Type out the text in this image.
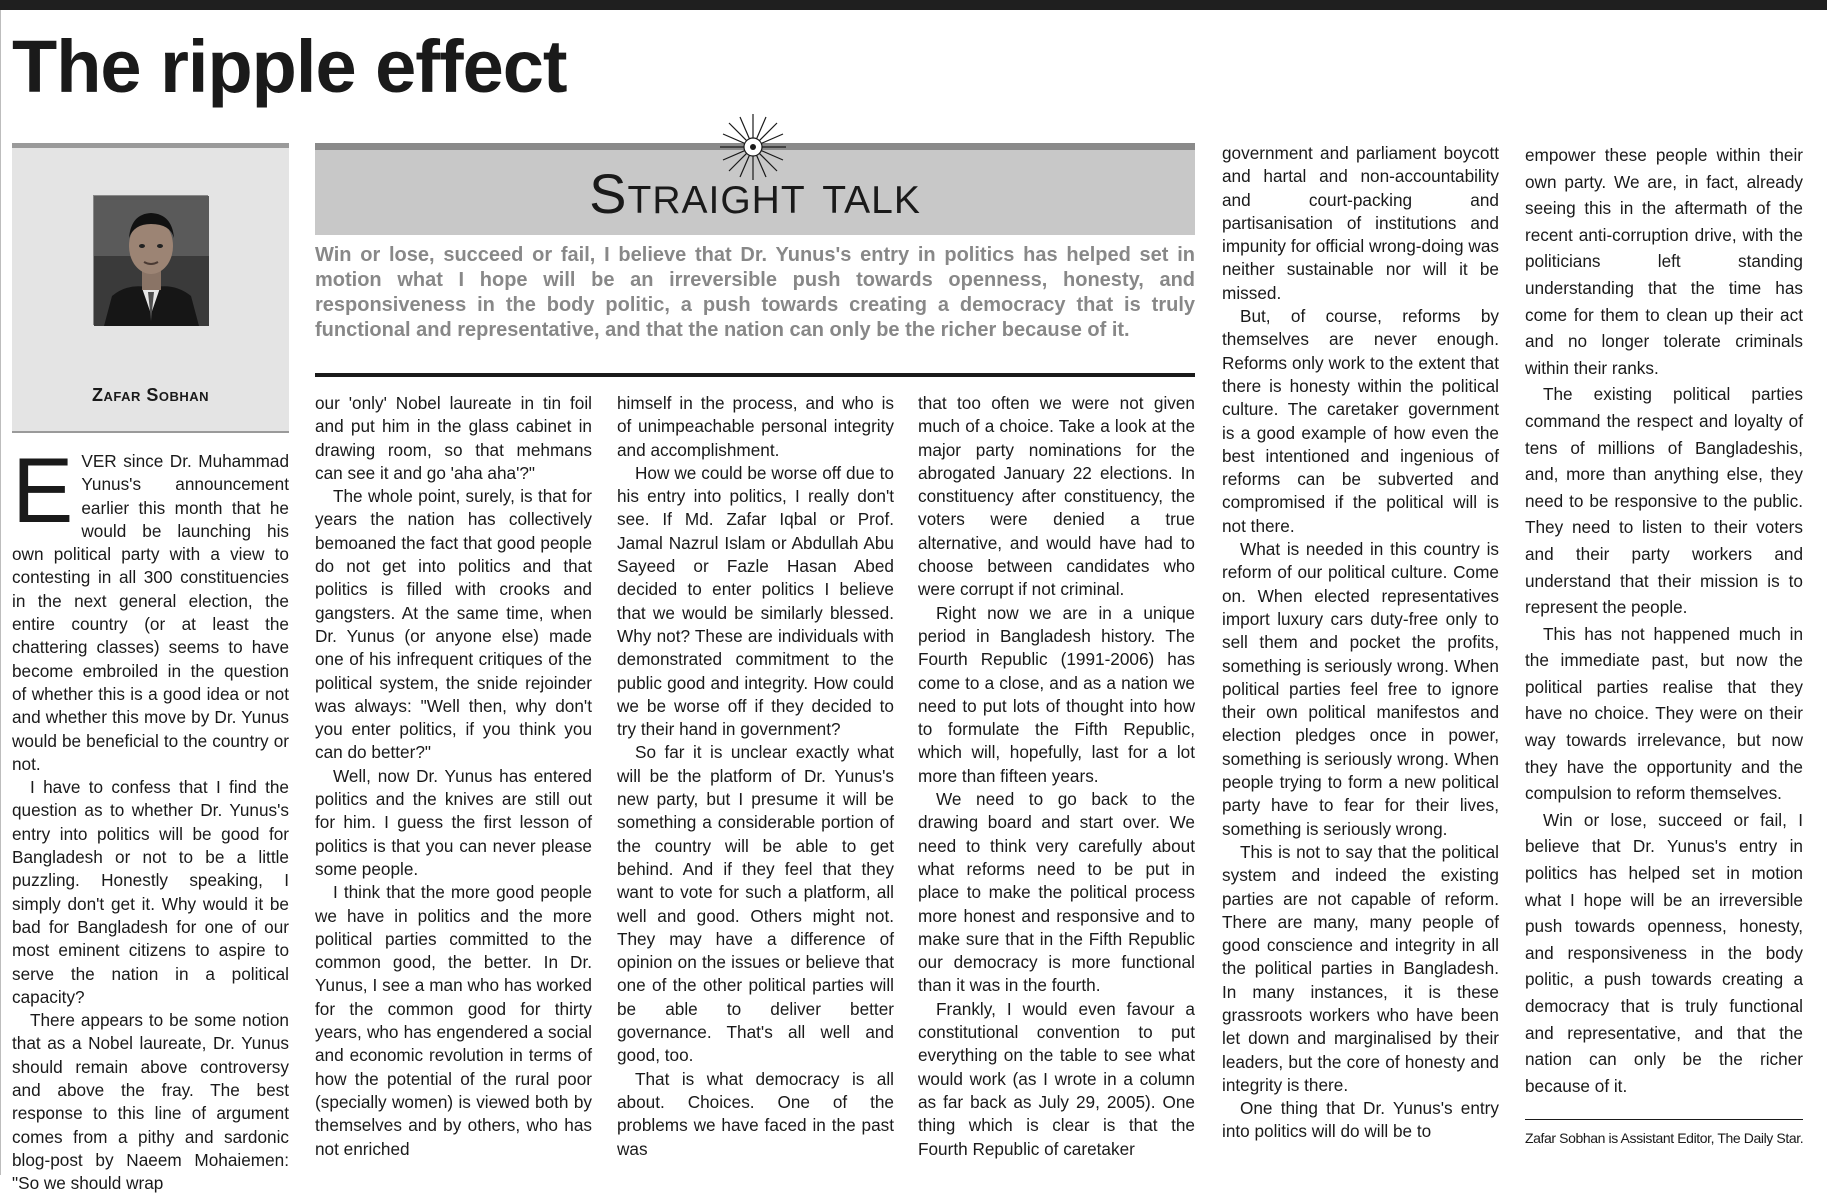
The ripple effect
Zafar Sobhan
Straight talk
Win or lose, succeed or fail, I believe that Dr. Yunus's entry in politics has helped set in motion what I hope will be an irreversible push towards openness, honesty, and responsiveness in the body politic, a push towards creating a democracy that is truly functional and representative, and that the nation can only be the richer because of it.

EVER since Dr. Muhammad Yunus's announcement earlier this month that he would be launching his own political party with a view to contesting in all 300 constituencies in the next general election, the entire country (or at least the chattering classes) seems to have become embroiled in the question of whether this is a good idea or not and whether this move by Dr. Yunus would be beneficial to the country or not.

I have to confess that I find the question as to whether Dr. Yunus's entry into politics will be good for Bangladesh or not to be a little puzzling. Honestly speaking, I simply don't get it. Why would it be bad for Bangladesh for one of our most eminent citizens to aspire to serve the nation in a political capacity?

There appears to be some notion that as a Nobel laureate, Dr. Yunus should remain above controversy and above the fray. The best response to this line of argument comes from a pithy and sardonic blog-post by Naeem Mohaiemen: "So we should wrap

our 'only' Nobel laureate in tin foil and put him in the glass cabinet in drawing room, so that mehmans can see it and go 'aha aha'?"

The whole point, surely, is that for years the nation has collectively bemoaned the fact that good people do not get into politics and that politics is filled with crooks and gangsters. At the same time, when Dr. Yunus (or anyone else) made one of his infrequent critiques of the political system, the snide rejoinder was always: "Well then, why don't you enter politics, if you think you can do better?"

Well, now Dr. Yunus has entered politics and the knives are still out for him. I guess the first lesson of politics is that you can never please some people.

I think that the more good people we have in politics and the more political parties committed to the common good, the better. In Dr. Yunus, I see a man who has worked for the common good for thirty years, who has engendered a social and economic revolution in terms of how the potential of the rural poor (specially women) is viewed both by themselves and by others, who has not enriched

himself in the process, and who is of unimpeachable personal integrity and accomplishment.

How we could be worse off due to his entry into politics, I really don't see. If Md. Zafar Iqbal or Prof. Jamal Nazrul Islam or Abdullah Abu Sayeed or Fazle Hasan Abed decided to enter politics I believe that we would be similarly blessed. Why not? These are individuals with demonstrated commitment to the public good and integrity. How could we be worse off if they decided to try their hand in government?

So far it is unclear exactly what will be the platform of Dr. Yunus's new party, but I presume it will be something a considerable portion of the country will be able to get behind. And if they feel that they want to vote for such a platform, all well and good. Others might not. They may have a difference of opinion on the issues or believe that one of the other political parties will be able to deliver better governance. That's all well and good, too.

That is what democracy is all about. Choices. One of the problems we have faced in the past was

that too often we were not given much of a choice. Take a look at the major party nominations for the abrogated January 22 elections. In constituency after constituency, the voters were denied a true alternative, and would have had to choose between candidates who were corrupt if not criminal.

Right now we are in a unique period in Bangladesh history. The Fourth Republic (1991-2006) has come to a close, and as a nation we need to put lots of thought into how to formulate the Fifth Republic, which will, hopefully, last for a lot more than fifteen years.

We need to go back to the drawing board and start over. We need to think very carefully about what reforms need to be put in place to make the political process more honest and responsive and to make sure that in the Fifth Republic our democracy is more functional than it was in the fourth.

Frankly, I would even favour a constitutional convention to put everything on the table to see what would work (as I wrote in a column as far back as July 29, 2005). One thing which is clear is that the Fourth Republic of caretaker

government and parliament boycott and hartal and non-accountability and court-packing and partisanisation of institutions and impunity for official wrong-doing was neither sustainable nor will it be missed.

But, of course, reforms by themselves are never enough. Reforms only work to the extent that there is honesty within the political culture. The caretaker government is a good example of how even the best intentioned and ingenious of reforms can be subverted and compromised if the political will is not there.

What is needed in this country is reform of our political culture. Come on. When elected representatives import luxury cars duty-free only to sell them and pocket the profits, something is seriously wrong. When political parties feel free to ignore their own political manifestos and election pledges once in power, something is seriously wrong. When people trying to form a new political party have to fear for their lives, something is seriously wrong.

This is not to say that the political system and indeed the existing parties are not capable of reform. There are many, many people of good conscience and integrity in all the political parties in Bangladesh. In many instances, it is these grassroots workers who have been let down and marginalised by their leaders, but the core of honesty and integrity is there.

One thing that Dr. Yunus's entry into politics will do will be to

empower these people within their own party. We are, in fact, already seeing this in the aftermath of the recent anti-corruption drive, with the politicians left standing understanding that the time has come for them to clean up their act and no longer tolerate criminals within their ranks.

The existing political parties command the respect and loyalty of tens of millions of Bangladeshis, and, more than anything else, they need to be responsive to the public. They need to listen to their voters and their party workers and understand that their mission is to represent the people.

This has not happened much in the immediate past, but now the political parties realise that they have no choice. They were on their way towards irrelevance, but now they have the opportunity and the compulsion to reform themselves.

Win or lose, succeed or fail, I believe that Dr. Yunus's entry in politics has helped set in motion what I hope will be an irreversible push towards openness, honesty, and responsiveness in the body politic, a push towards creating a democracy that is truly functional and representative, and that the nation can only be the richer because of it.

Zafar Sobhan is Assistant Editor, The Daily Star.
